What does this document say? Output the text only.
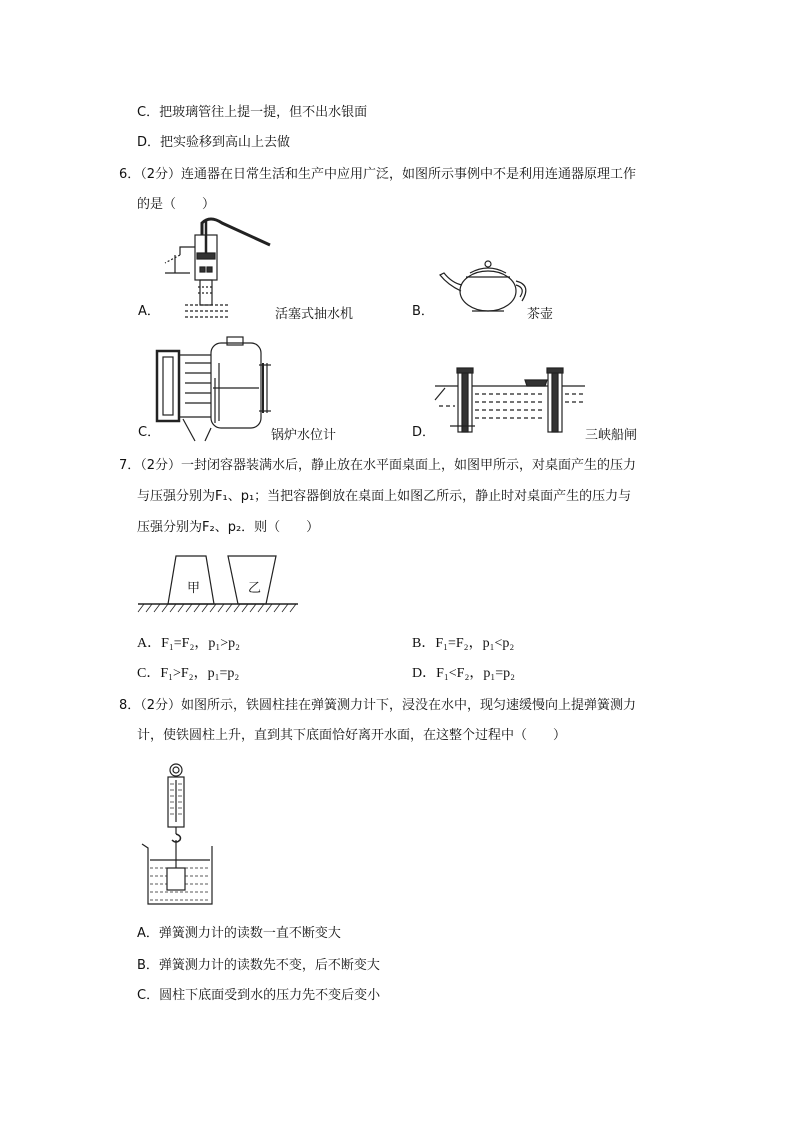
C．把玻璃管往上提一提，但不出水银面
D．把实验移到高山上去做
6．（2分）连通器在日常生活和生产中应用广泛，如图所示事例中不是利用连通器原理工作
的是（　　）
A．	活塞式抽水机	B．	茶壶
C．	锅炉水位计	D．	三峡船闸
7．（2分）一封闭容器装满水后，静止放在水平面桌面上，如图甲所示，对桌面产生的压力
与压强分别为F₁、p₁；当把容器倒放在桌面上如图乙所示，静止时对桌面产生的压力与
压强分别为F₂、p₂．则（　　）
甲	乙
A．F₁=F₂，p₁>p₂	B．F₁=F₂，p₁<p₂
C．F₁>F₂，p₁=p₂	D．F₁<F₂，p₁=p₂
8．（2分）如图所示，铁圆柱挂在弹簧测力计下，浸没在水中，现匀速缓慢向上提弹簧测力
计，使铁圆柱上升，直到其下底面恰好离开水面，在这整个过程中（　　）
A．弹簧测力计的读数一直不断变大
B．弹簧测力计的读数先不变，后不断变大
C．圆柱下底面受到水的压力先不变后变小
